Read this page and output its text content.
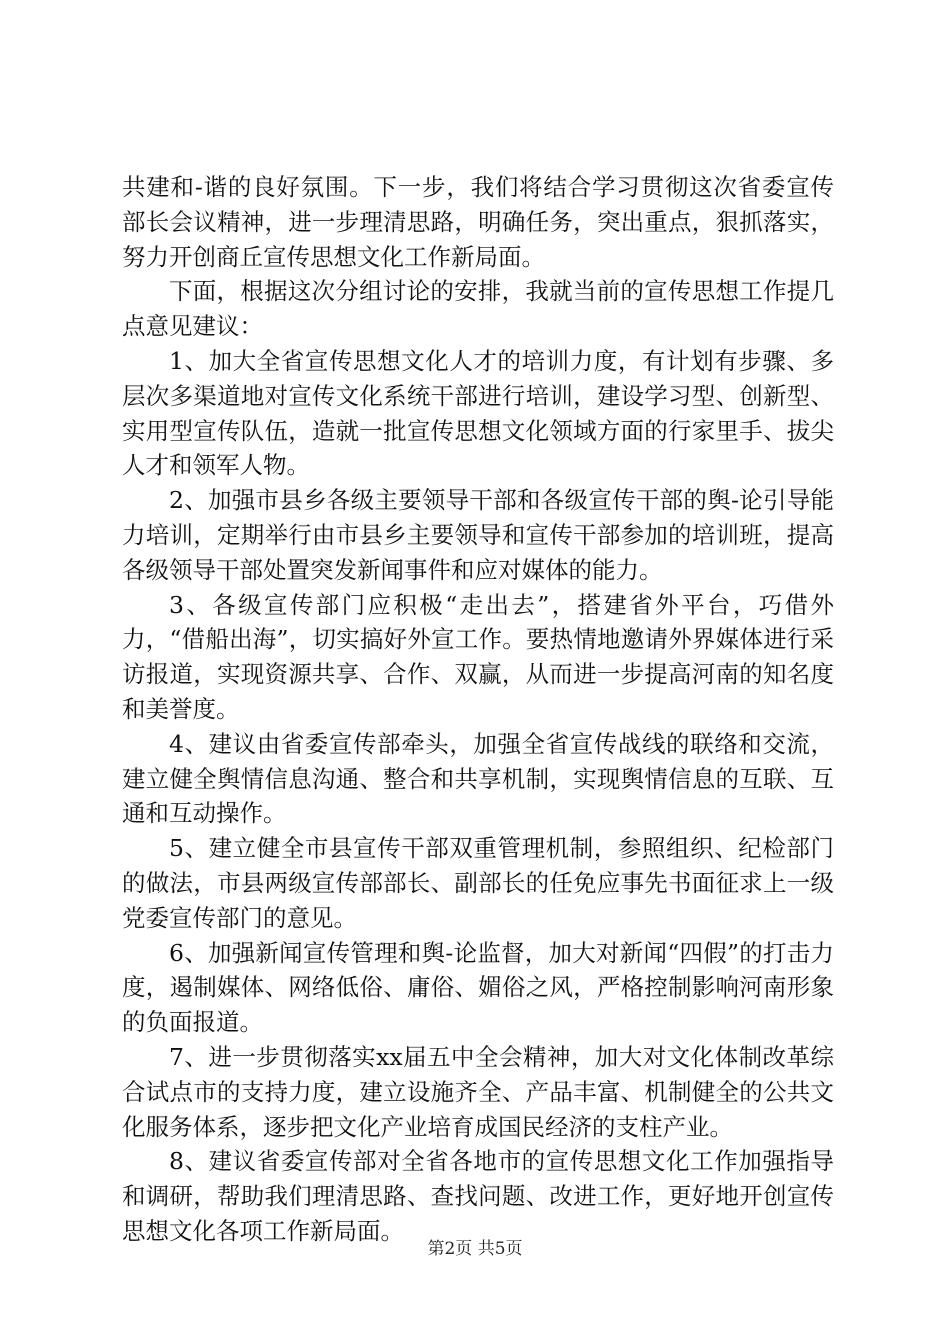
共建和-谐的良好氛围。下一步，我们将结合学习贯彻这次省委宣传部长会议精神，进一步理清思路，明确任务，突出重点，狠抓落实，努力开创商丘宣传思想文化工作新局面。

下面，根据这次分组讨论的安排，我就当前的宣传思想工作提几点意见建议：

1、加大全省宣传思想文化人才的培训力度，有计划有步骤、多层次多渠道地对宣传文化系统干部进行培训，建设学习型、创新型、实用型宣传队伍，造就一批宣传思想文化领域方面的行家里手、拔尖人才和领军人物。

2、加强市县乡各级主要领导干部和各级宣传干部的舆-论引导能力培训，定期举行由市县乡主要领导和宣传干部参加的培训班，提高各级领导干部处置突发新闻事件和应对媒体的能力。

3、各级宣传部门应积极“走出去”，搭建省外平台，巧借外力，“借船出海”，切实搞好外宣工作。要热情地邀请外界媒体进行采访报道，实现资源共享、合作、双赢，从而进一步提高河南的知名度和美誉度。

4、建议由省委宣传部牵头，加强全省宣传战线的联络和交流，建立健全舆情信息沟通、整合和共享机制，实现舆情信息的互联、互通和互动操作。

5、建立健全市县宣传干部双重管理机制，参照组织、纪检部门的做法，市县两级宣传部部长、副部长的任免应事先书面征求上一级党委宣传部门的意见。

6、加强新闻宣传管理和舆-论监督，加大对新闻“四假”的打击力度，遏制媒体、网络低俗、庸俗、媚俗之风，严格控制影响河南形象的负面报道。

7、进一步贯彻落实xx届五中全会精神，加大对文化体制改革综合试点市的支持力度，建立设施齐全、产品丰富、机制健全的公共文化服务体系，逐步把文化产业培育成国民经济的支柱产业。

8、建议省委宣传部对全省各地市的宣传思想文化工作加强指导和调研，帮助我们理清思路、查找问题、改进工作，更好地开创宣传思想文化各项工作新局面。

第2页 共5页
